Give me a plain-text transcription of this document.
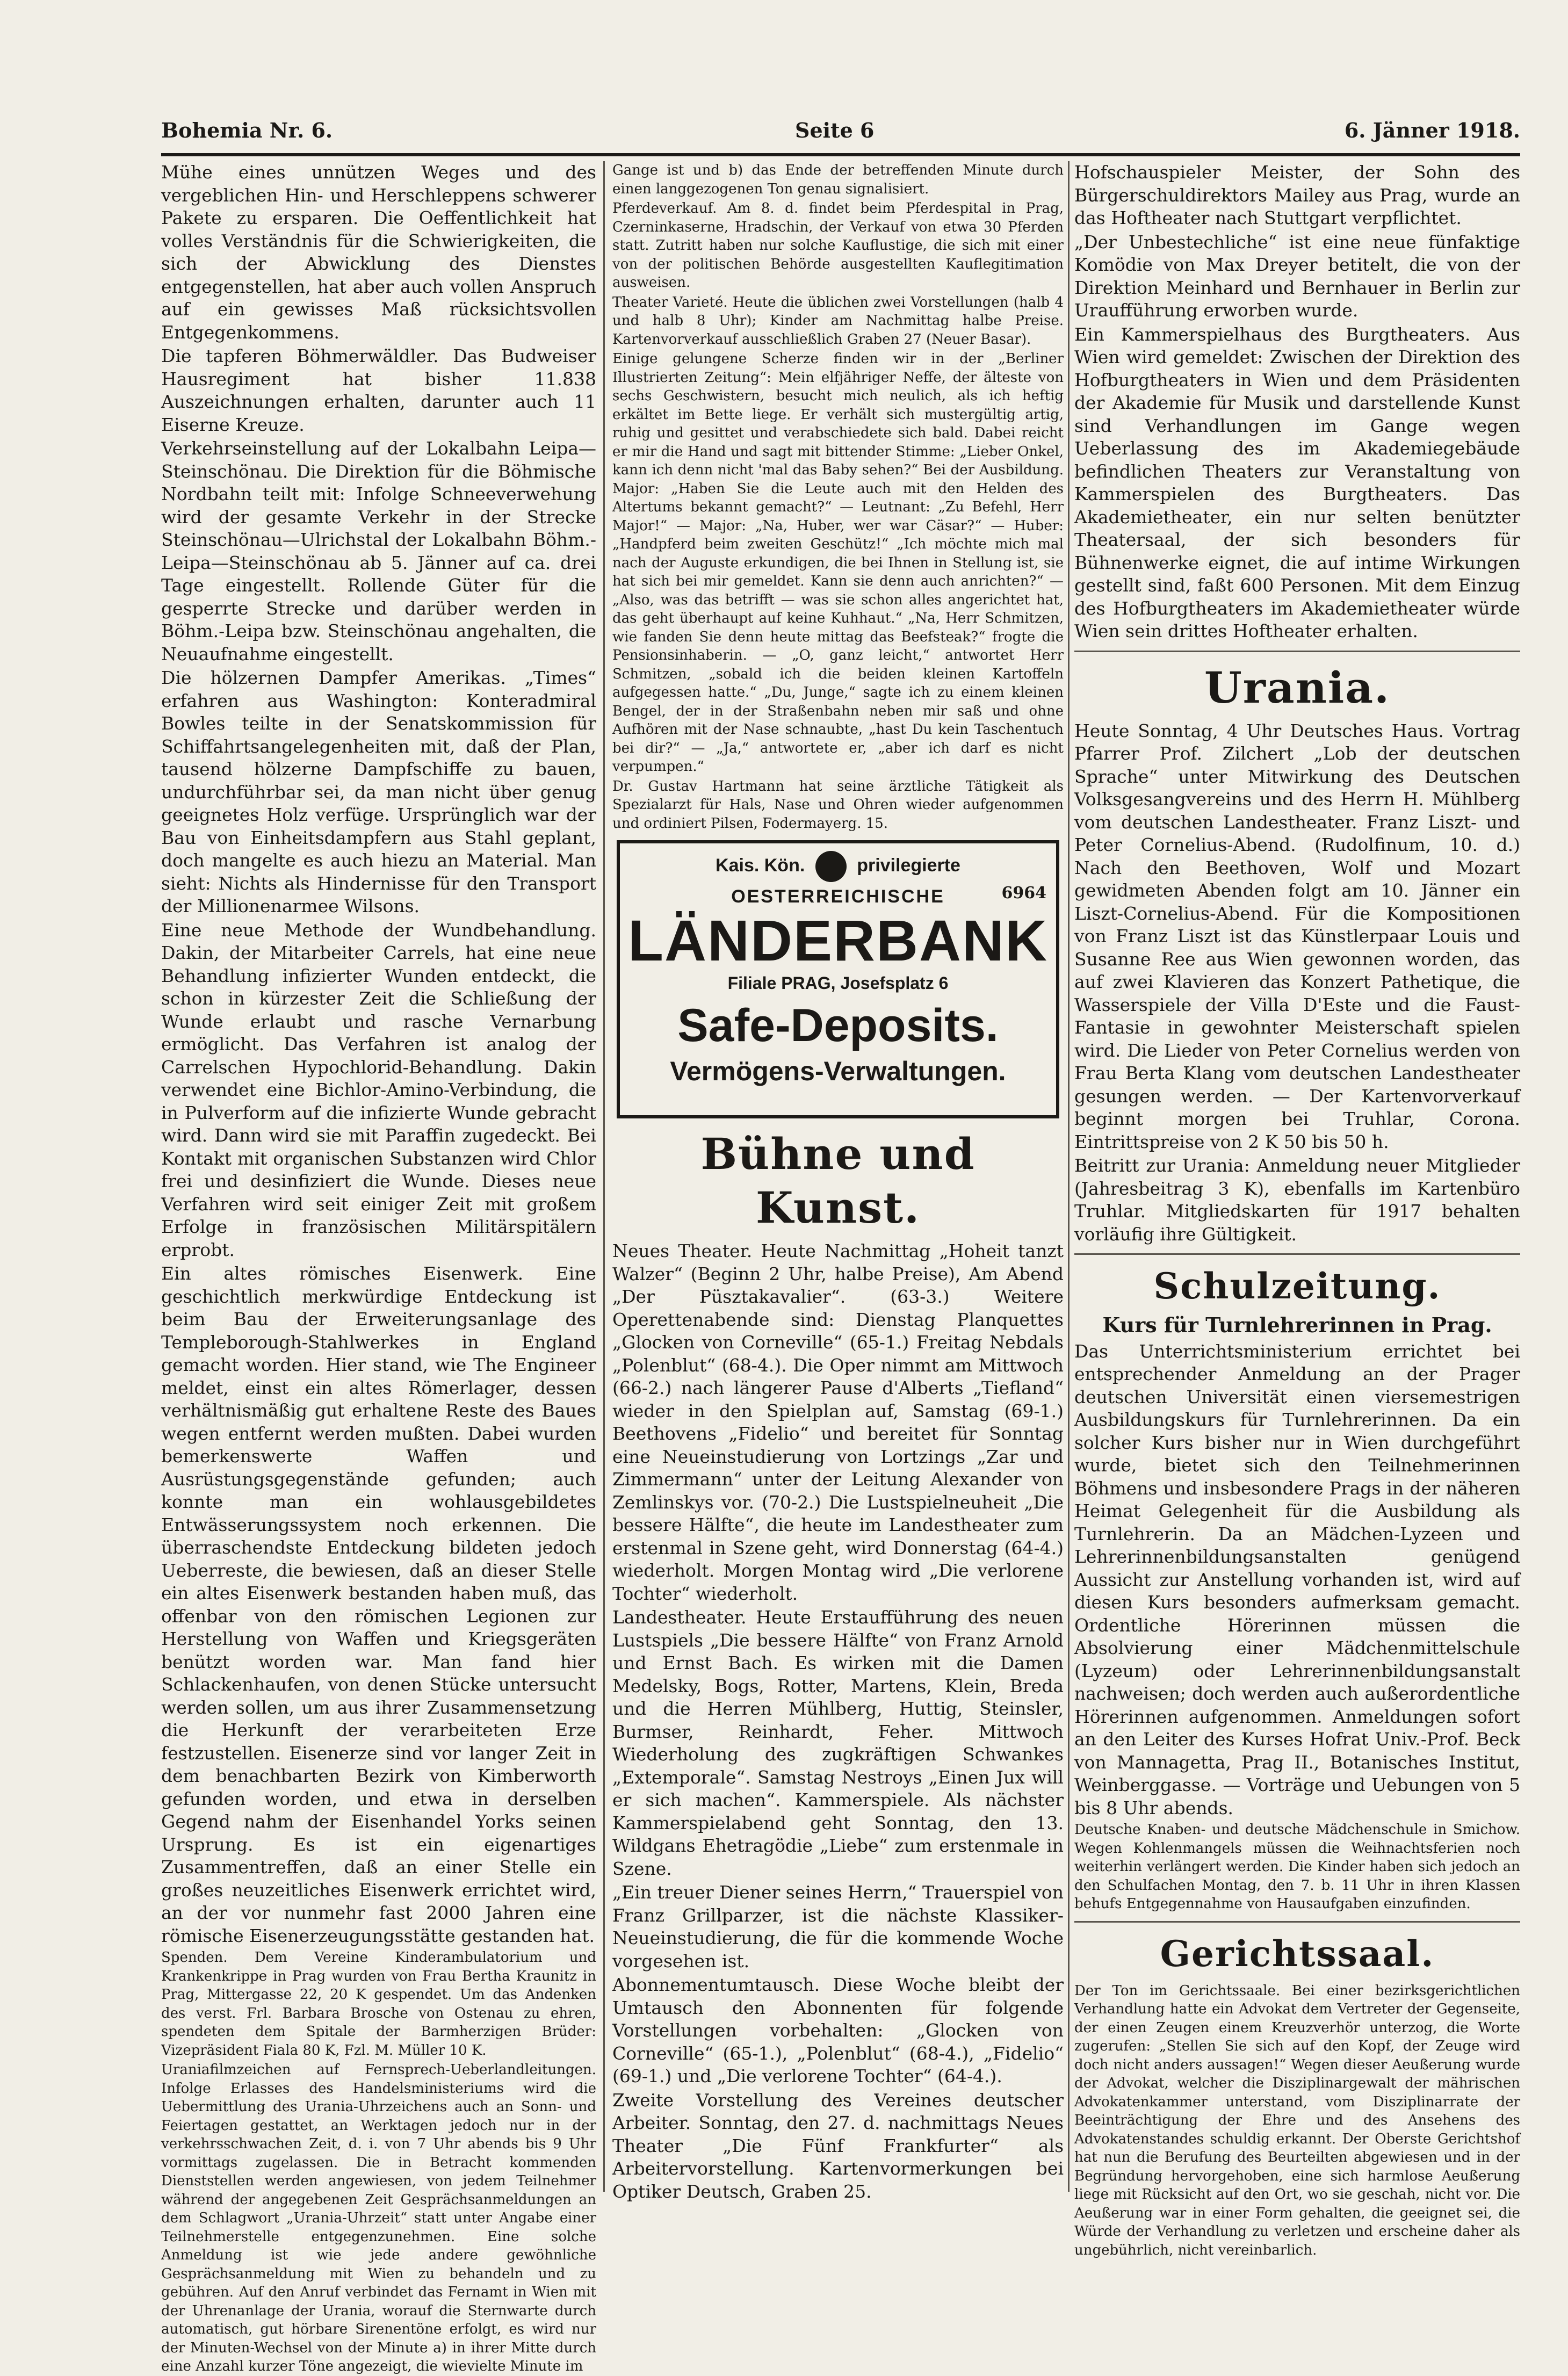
Bohemia Nr. 6.	Seite 6	6. Jänner 1918.

Mühe eines unnützen Weges und des vergeblichen Hin- und Herschleppens schwerer Pakete zu ersparen. Die Oeffentlichkeit hat volles Verständnis für die Schwierigkeiten, die sich der Abwicklung des Dienstes entgegenstellen, hat aber auch vollen Anspruch auf ein gewisses Maß rücksichtsvollen Entgegenkommens.

Die tapferen Böhmerwäldler. Das Budweiser Hausregiment hat bisher 11.838 Auszeichnungen erhalten, darunter auch 11 Eiserne Kreuze.

Verkehrseinstellung auf der Lokalbahn Leipa—Steinschönau. Die Direktion für die Böhmische Nordbahn teilt mit: Infolge Schneeverwehung wird der gesamte Verkehr in der Strecke Steinschönau—Ulrichstal der Lokalbahn Böhm.-Leipa—Steinschönau ab 5. Jänner auf ca. drei Tage eingestellt. Rollende Güter für die gesperrte Strecke und darüber werden in Böhm.-Leipa bzw. Steinschönau angehalten, die Neuaufnahme eingestellt.

Die hölzernen Dampfer Amerikas. „Times“ erfahren aus Washington: Konteradmiral Bowles teilte in der Senatskommission für Schiffahrtsangelegenheiten mit, daß der Plan, tausend hölzerne Dampfschiffe zu bauen, undurchführbar sei, da man nicht über genug geeignetes Holz verfüge. Ursprünglich war der Bau von Einheitsdampfern aus Stahl geplant, doch mangelte es auch hiezu an Material. Man sieht: Nichts als Hindernisse für den Transport der Millionenarmee Wilsons.

Eine neue Methode der Wundbehandlung. Dakin, der Mitarbeiter Carrels, hat eine neue Behandlung infizierter Wunden entdeckt, die schon in kürzester Zeit die Schließung der Wunde erlaubt und rasche Vernarbung ermöglicht. Das Verfahren ist analog der Carrelschen Hypochlorid-Behandlung. Dakin verwendet eine Bichlor-Amino-Verbindung, die in Pulverform auf die infizierte Wunde gebracht wird. Dann wird sie mit Paraffin zugedeckt. Bei Kontakt mit organischen Substanzen wird Chlor frei und desinfiziert die Wunde. Dieses neue Verfahren wird seit einiger Zeit mit großem Erfolge in französischen Militärspitälern erprobt.

Ein altes römisches Eisenwerk. Eine geschichtlich merkwürdige Entdeckung ist beim Bau der Erweiterungsanlage des Templeborough-Stahlwerkes in England gemacht worden. Hier stand, wie The Engineer meldet, einst ein altes Römerlager, dessen verhältnismäßig gut erhaltene Reste des Baues wegen entfernt werden mußten. Dabei wurden bemerkenswerte Waffen und Ausrüstungsgegenstände gefunden; auch konnte man ein wohlausgebildetes Entwässerungssystem noch erkennen. Die überraschendste Entdeckung bildeten jedoch Ueberreste, die bewiesen, daß an dieser Stelle ein altes Eisenwerk bestanden haben muß, das offenbar von den römischen Legionen zur Herstellung von Waffen und Kriegsgeräten benützt worden war. Man fand hier Schlackenhaufen, von denen Stücke untersucht werden sollen, um aus ihrer Zusammensetzung die Herkunft der verarbeiteten Erze festzustellen. Eisenerze sind vor langer Zeit in dem benachbarten Bezirk von Kimberworth gefunden worden, und etwa in derselben Gegend nahm der Eisenhandel Yorks seinen Ursprung. Es ist ein eigenartiges Zusammentreffen, daß an einer Stelle ein großes neuzeitliches Eisenwerk errichtet wird, an der vor nunmehr fast 2000 Jahren eine römische Eisenerzeugungsstätte gestanden hat.

Spenden. Dem Vereine Kinderambulatorium und Krankenkrippe in Prag wurden von Frau Bertha Kraunitz in Prag, Mittergasse 22, 20 K gespendet. Um das Andenken des verst. Frl. Barbara Brosche von Ostenau zu ehren, spendeten dem Spitale der Barmherzigen Brüder: Vizepräsident Fiala 80 K, Fzl. M. Müller 10 K.

Uraniafilmzeichen auf Fernsprech-Ueberlandleitungen. Infolge Erlasses des Handelsministeriums wird die Uebermittlung des Urania-Uhrzeichens auch an Sonn- und Feiertagen gestattet, an Werktagen jedoch nur in der verkehrsschwachen Zeit, d. i. von 7 Uhr abends bis 9 Uhr vormittags zugelassen. Die in Betracht kommenden Dienststellen werden angewiesen, von jedem Teilnehmer während der angegebenen Zeit Gesprächsanmeldungen an dem Schlagwort „Urania-Uhrzeit“ statt unter Angabe einer Teilnehmerstelle entgegenzunehmen. Eine solche Anmeldung ist wie jede andere gewöhnliche Gesprächsanmeldung mit Wien zu behandeln und zu gebühren. Auf den Anruf verbindet das Fernamt in Wien mit der Uhrenanlage der Urania, worauf die Sternwarte durch automatisch, gut hörbare Sirenentöne erfolgt, es wird nur der Minuten-Wechsel von der Minute a) in ihrer Mitte durch eine Anzahl kurzer Töne angezeigt, die wievielte Minute im

Gange ist und b) das Ende der betreffenden Minute durch einen langgezogenen Ton genau signalisiert.

Pferdeverkauf. Am 8. d. findet beim Pferdespital in Prag, Czerninkaserne, Hradschin, der Verkauf von etwa 30 Pferden statt. Zutritt haben nur solche Kauflustige, die sich mit einer von der politischen Behörde ausgestellten Kauflegitimation ausweisen.

Theater Varieté. Heute die üblichen zwei Vorstellungen (halb 4 und halb 8 Uhr); Kinder am Nachmittag halbe Preise. Kartenvorverkauf ausschließlich Graben 27 (Neuer Basar).

Einige gelungene Scherze finden wir in der „Berliner Illustrierten Zeitung“: Mein elfjähriger Neffe, der älteste von sechs Geschwistern, besucht mich neulich, als ich heftig erkältet im Bette liege. Er verhält sich mustergültig artig, ruhig und gesittet und verabschiedete sich bald. Dabei reicht er mir die Hand und sagt mit bittender Stimme: „Lieber Onkel, kann ich denn nicht 'mal das Baby sehen?“ Bei der Ausbildung. Major: „Haben Sie die Leute auch mit den Helden des Altertums bekannt gemacht?“ — Leutnant: „Zu Befehl, Herr Major!“ — Major: „Na, Huber, wer war Cäsar?“ — Huber: „Handpferd beim zweiten Geschütz!“ „Ich möchte mich mal nach der Auguste erkundigen, die bei Ihnen in Stellung ist, sie hat sich bei mir gemeldet. Kann sie denn auch anrichten?“ — „Also, was das betrifft — was sie schon alles angerichtet hat, das geht überhaupt auf keine Kuhhaut.“ „Na, Herr Schmitzen, wie fanden Sie denn heute mittag das Beefsteak?“ frogte die Pensionsinhaberin. — „O, ganz leicht,“ antwortet Herr Schmitzen, „sobald ich die beiden kleinen Kartoffeln aufgegessen hatte.“ „Du, Junge,“ sagte ich zu einem kleinen Bengel, der in der Straßenbahn neben mir saß und ohne Aufhören mit der Nase schnaubte, „hast Du kein Taschentuch bei dir?“ — „Ja,“ antwortete er, „aber ich darf es nicht verpumpen.“

Dr. Gustav Hartmann hat seine ärztliche Tätigkeit als Spezialarzt für Hals, Nase und Ohren wieder aufgenommen und ordiniert Pilsen, Fodermayerg. 15.

Kais. Kön.	privilegierte
OESTERREICHISCHE	6964
LÄNDERBANK
Filiale PRAG, Josefsplatz 6
Safe-Deposits.
Vermögens-Verwaltungen.
Bühne und Kunst.

Neues Theater. Heute Nachmittag „Hoheit tanzt Walzer“ (Beginn 2 Uhr, halbe Preise), Am Abend „Der Püsztakavalier“. (63-3.) Weitere Operettenabende sind: Dienstag Planquettes „Glocken von Corneville“ (65-1.) Freitag Nebdals „Polenblut“ (68-4.). Die Oper nimmt am Mittwoch (66-2.) nach längerer Pause d'Alberts „Tiefland“ wieder in den Spielplan auf, Samstag (69-1.) Beethovens „Fidelio“ und bereitet für Sonntag eine Neueinstudierung von Lortzings „Zar und Zimmermann“ unter der Leitung Alexander von Zemlinskys vor. (70-2.) Die Lustspielneuheit „Die bessere Hälfte“, die heute im Landestheater zum erstenmal in Szene geht, wird Donnerstag (64-4.) wiederholt. Morgen Montag wird „Die verlorene Tochter“ wiederholt.

Landestheater. Heute Erstaufführung des neuen Lustspiels „Die bessere Hälfte“ von Franz Arnold und Ernst Bach. Es wirken mit die Damen Medelsky, Bogs, Rotter, Martens, Klein, Breda und die Herren Mühlberg, Huttig, Steinsler, Burmser, Reinhardt, Feher. Mittwoch Wiederholung des zugkräftigen Schwankes „Extemporale“. Samstag Nestroys „Einen Jux will er sich machen“. Kammerspiele. Als nächster Kammerspielabend geht Sonntag, den 13. Wildgans Ehetragödie „Liebe“ zum erstenmale in Szene.

„Ein treuer Diener seines Herrn,“ Trauerspiel von Franz Grillparzer, ist die nächste Klassiker-Neueinstudierung, die für die kommende Woche vorgesehen ist.

Abonnementumtausch. Diese Woche bleibt der Umtausch den Abonnenten für folgende Vorstellungen vorbehalten: „Glocken von Corneville“ (65-1.), „Polenblut“ (68-4.), „Fidelio“ (69-1.) und „Die verlorene Tochter“ (64-4.).

Zweite Vorstellung des Vereines deutscher Arbeiter. Sonntag, den 27. d. nachmittags Neues Theater „Die Fünf Frankfurter“ als Arbeitervorstellung. Kartenvormerkungen bei Optiker Deutsch, Graben 25.

Hofschauspieler Meister, der Sohn des Bürgerschuldirektors Mailey aus Prag, wurde an das Hoftheater nach Stuttgart verpflichtet.

„Der Unbestechliche“ ist eine neue fünfaktige Komödie von Max Dreyer betitelt, die von der Direktion Meinhard und Bernhauer in Berlin zur Uraufführung erworben wurde.

Ein Kammerspielhaus des Burgtheaters. Aus Wien wird gemeldet: Zwischen der Direktion des Hofburgtheaters in Wien und dem Präsidenten der Akademie für Musik und darstellende Kunst sind Verhandlungen im Gange wegen Ueberlassung des im Akademiegebäude befindlichen Theaters zur Veranstaltung von Kammerspielen des Burgtheaters. Das Akademietheater, ein nur selten benützter Theatersaal, der sich besonders für Bühnenwerke eignet, die auf intime Wirkungen gestellt sind, faßt 600 Personen. Mit dem Einzug des Hofburgtheaters im Akademietheater würde Wien sein drittes Hoftheater erhalten.

Urania.

Heute Sonntag, 4 Uhr Deutsches Haus. Vortrag Pfarrer Prof. Zilchert „Lob der deutschen Sprache“ unter Mitwirkung des Deutschen Volksgesangvereins und des Herrn H. Mühlberg vom deutschen Landestheater. Franz Liszt- und Peter Cornelius-Abend. (Rudolfinum, 10. d.) Nach den Beethoven, Wolf und Mozart gewidmeten Abenden folgt am 10. Jänner ein Liszt-Cornelius-Abend. Für die Kompositionen von Franz Liszt ist das Künstlerpaar Louis und Susanne Ree aus Wien gewonnen worden, das auf zwei Klavieren das Konzert Pathetique, die Wasserspiele der Villa D'Este und die Faust-Fantasie in gewohnter Meisterschaft spielen wird. Die Lieder von Peter Cornelius werden von Frau Berta Klang vom deutschen Landestheater gesungen werden. — Der Kartenvorverkauf beginnt morgen bei Truhlar, Corona. Eintrittspreise von 2 K 50 bis 50 h.

Beitritt zur Urania: Anmeldung neuer Mitglieder (Jahresbeitrag 3 K), ebenfalls im Kartenbüro Truhlar. Mitgliedskarten für 1917 behalten vorläufig ihre Gültigkeit.

Schulzeitung.
Kurs für Turnlehrerinnen in Prag.

Das Unterrichtsministerium errichtet bei entsprechender Anmeldung an der Prager deutschen Universität einen viersemestrigen Ausbildungskurs für Turnlehrerinnen. Da ein solcher Kurs bisher nur in Wien durchgeführt wurde, bietet sich den Teilnehmerinnen Böhmens und insbesondere Prags in der näheren Heimat Gelegenheit für die Ausbildung als Turnlehrerin. Da an Mädchen-Lyzeen und Lehrerinnenbildungsanstalten genügend Aussicht zur Anstellung vorhanden ist, wird auf diesen Kurs besonders aufmerksam gemacht. Ordentliche Hörerinnen müssen die Absolvierung einer Mädchenmittelschule (Lyzeum) oder Lehrerinnenbildungsanstalt nachweisen; doch werden auch außerordentliche Hörerinnen aufgenommen. Anmeldungen sofort an den Leiter des Kurses Hofrat Univ.-Prof. Beck von Mannagetta, Prag II., Botanisches Institut, Weinberggasse. — Vorträge und Uebungen von 5 bis 8 Uhr abends.

Deutsche Knaben- und deutsche Mädchenschule in Smichow. Wegen Kohlenmangels müssen die Weihnachtsferien noch weiterhin verlängert werden. Die Kinder haben sich jedoch an den Schulfachen Montag, den 7. b. 11 Uhr in ihren Klassen behufs Entgegennahme von Hausaufgaben einzufinden.

Gerichtssaal.

Der Ton im Gerichtssaale. Bei einer bezirksgerichtlichen Verhandlung hatte ein Advokat dem Vertreter der Gegenseite, der einen Zeugen einem Kreuzverhör unterzog, die Worte zugerufen: „Stellen Sie sich auf den Kopf, der Zeuge wird doch nicht anders aussagen!“ Wegen dieser Aeußerung wurde der Advokat, welcher die Disziplinargewalt der mährischen Advokatenkammer unterstand, vom Disziplinarrate der Beeinträchtigung der Ehre und des Ansehens des Advokatenstandes schuldig erkannt. Der Oberste Gerichtshof hat nun die Berufung des Beurteilten abgewiesen und in der Begründung hervorgehoben, eine sich harmlose Aeußerung liege mit Rücksicht auf den Ort, wo sie geschah, nicht vor. Die Aeußerung war in einer Form gehalten, die geeignet sei, die Würde der Verhandlung zu verletzen und erscheine daher als ungebührlich, nicht vereinbarlich.
